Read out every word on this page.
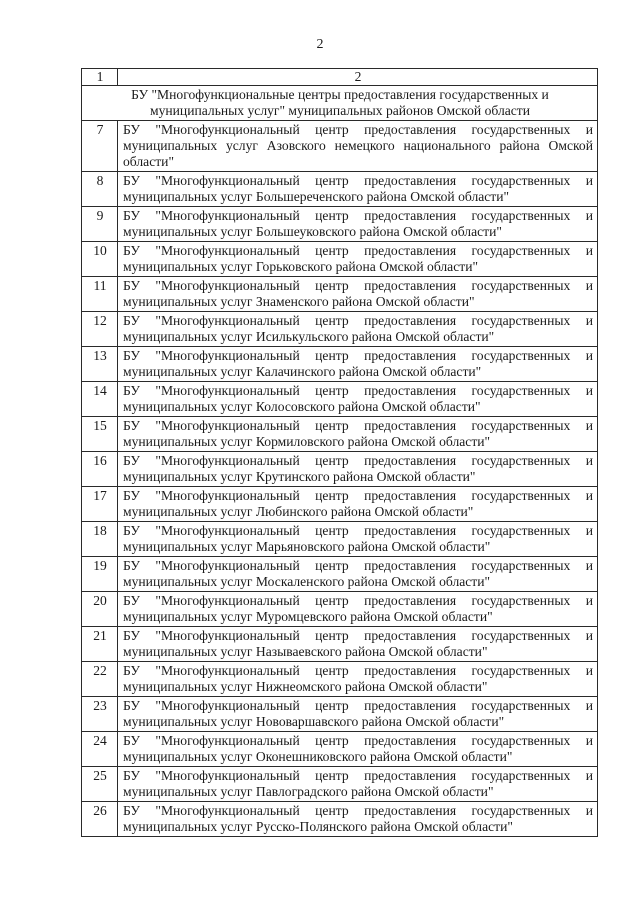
2
1	2
БУ "Многофункциональные центры предоставления государственных и муниципальных услуг" муниципальных районов Омской области	
7	БУ "Многофункциональный центр предоставления государственных и муниципальных услуг Азовского немецкого национального района Омской области"
8	БУ "Многофункциональный центр предоставления государственных и муниципальных услуг Большереченского района Омской области"
9	БУ "Многофункциональный центр предоставления государственных и муниципальных услуг Большеуковского района Омской области"
10	БУ "Многофункциональный центр предоставления государственных и муниципальных услуг Горьковского района Омской области"
11	БУ "Многофункциональный центр предоставления государственных и муниципальных услуг Знаменского района Омской области"
12	БУ "Многофункциональный центр предоставления государственных и муниципальных услуг Исилькульского района Омской области"
13	БУ "Многофункциональный центр предоставления государственных и муниципальных услуг Калачинского района Омской области"
14	БУ "Многофункциональный центр предоставления государственных и муниципальных услуг Колосовского района Омской области"
15	БУ "Многофункциональный центр предоставления государственных и муниципальных услуг Кормиловского района Омской области"
16	БУ "Многофункциональный центр предоставления государственных и муниципальных услуг Крутинского района Омской области"
17	БУ "Многофункциональный центр предоставления государственных и муниципальных услуг Любинского района Омской области"
18	БУ "Многофункциональный центр предоставления государственных и муниципальных услуг Марьяновского района Омской области"
19	БУ "Многофункциональный центр предоставления государственных и муниципальных услуг Москаленского района Омской области"
20	БУ "Многофункциональный центр предоставления государственных и муниципальных услуг Муромцевского района Омской области"
21	БУ "Многофункциональный центр предоставления государственных и муниципальных услуг Называевского района Омской области"
22	БУ "Многофункциональный центр предоставления государственных и муниципальных услуг Нижнеомского района Омской области"
23	БУ "Многофункциональный центр предоставления государственных и муниципальных услуг Нововаршавского района Омской области"
24	БУ "Многофункциональный центр предоставления государственных и муниципальных услуг Оконешниковского района Омской области"
25	БУ "Многофункциональный центр предоставления государственных и муниципальных услуг Павлоградского района Омской области"
26	БУ "Многофункциональный центр предоставления государственных и муниципальных услуг Русско-Полянского района Омской области"
